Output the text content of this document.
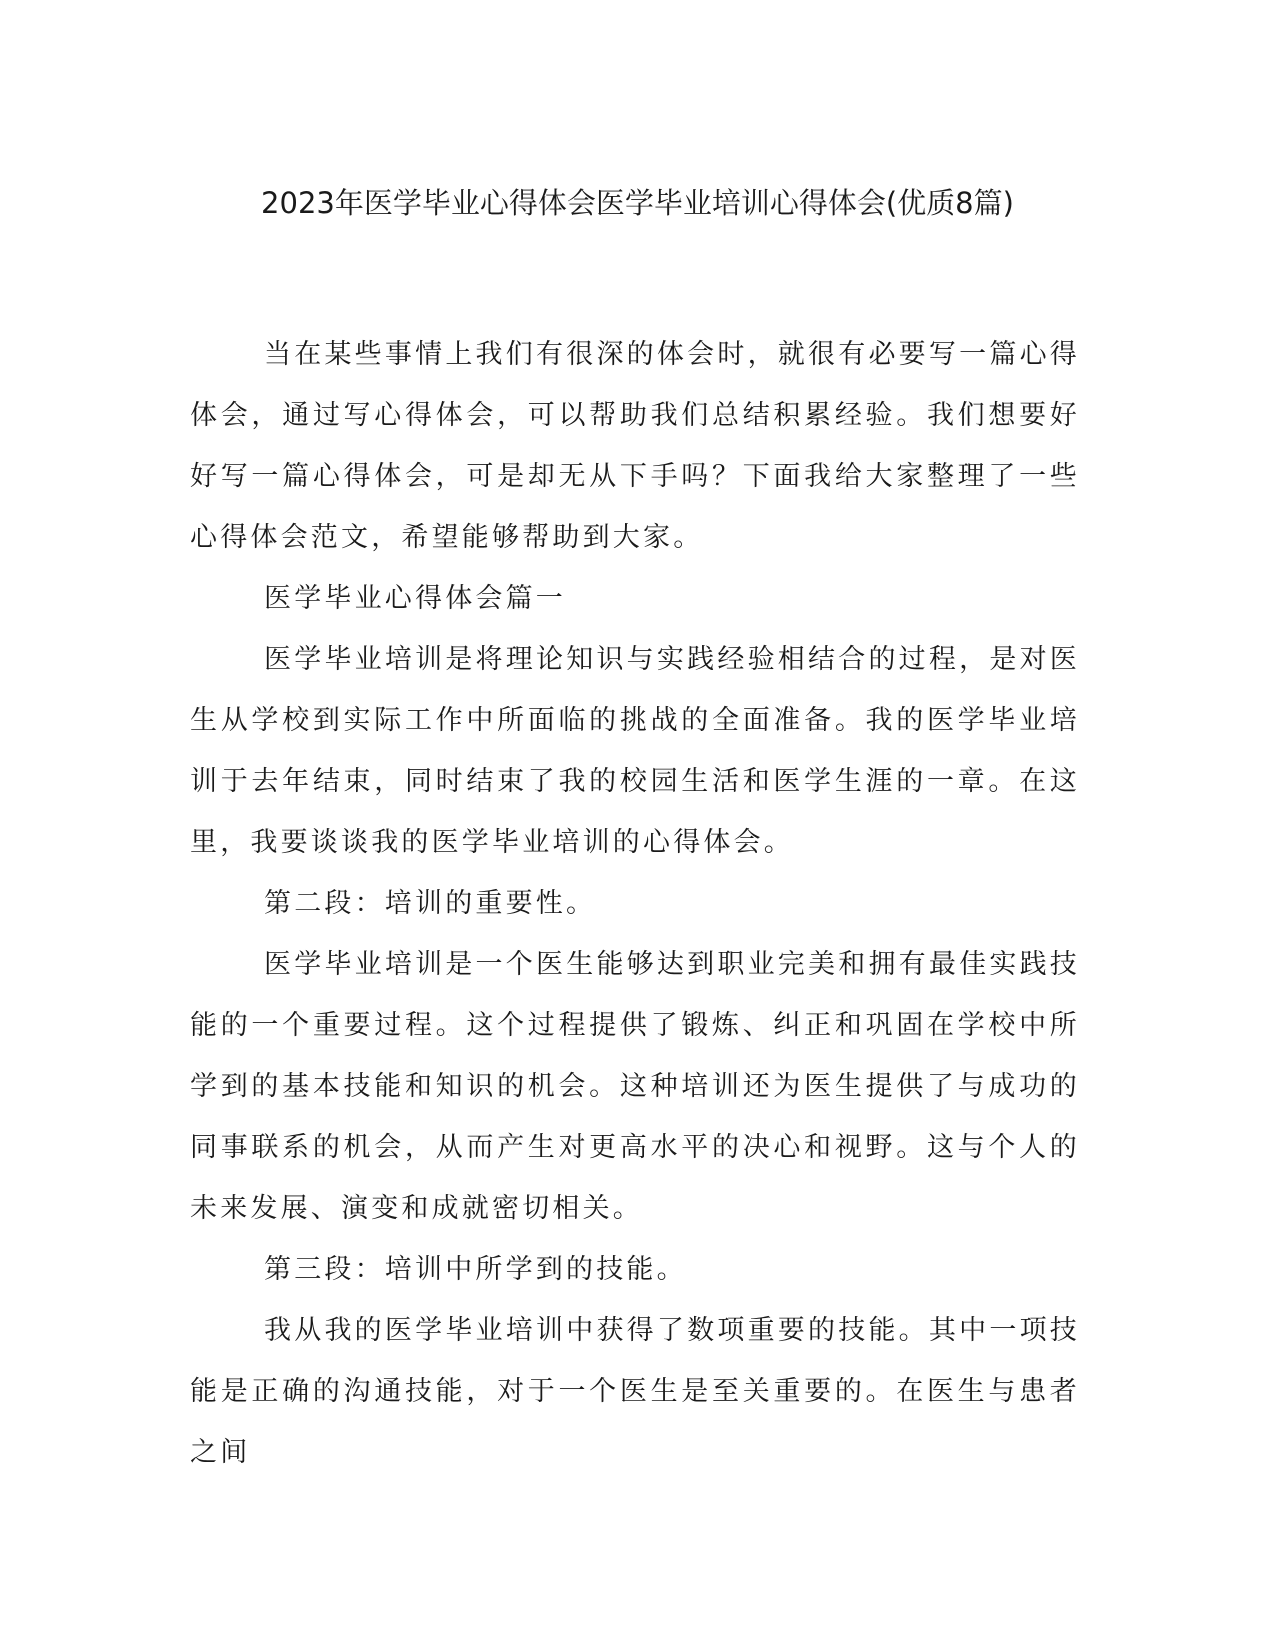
2023年医学毕业心得体会医学毕业培训心得体会(优质8篇)

当在某些事情上我们有很深的体会时，就很有必要写一篇心得体会，通过写心得体会，可以帮助我们总结积累经验。我们想要好好写一篇心得体会，可是却无从下手吗？下面我给大家整理了一些心得体会范文，希望能够帮助到大家。

医学毕业心得体会篇一

医学毕业培训是将理论知识与实践经验相结合的过程，是对医生从学校到实际工作中所面临的挑战的全面准备。我的医学毕业培训于去年结束，同时结束了我的校园生活和医学生涯的一章。在这里，我要谈谈我的医学毕业培训的心得体会。

第二段：培训的重要性。

医学毕业培训是一个医生能够达到职业完美和拥有最佳实践技能的一个重要过程。这个过程提供了锻炼、纠正和巩固在学校中所学到的基本技能和知识的机会。这种培训还为医生提供了与成功的同事联系的机会，从而产生对更高水平的决心和视野。这与个人的未来发展、演变和成就密切相关。

第三段：培训中所学到的技能。

我从我的医学毕业培训中获得了数项重要的技能。其中一项技能是正确的沟通技能，对于一个医生是至关重要的。在医生与患者之间
